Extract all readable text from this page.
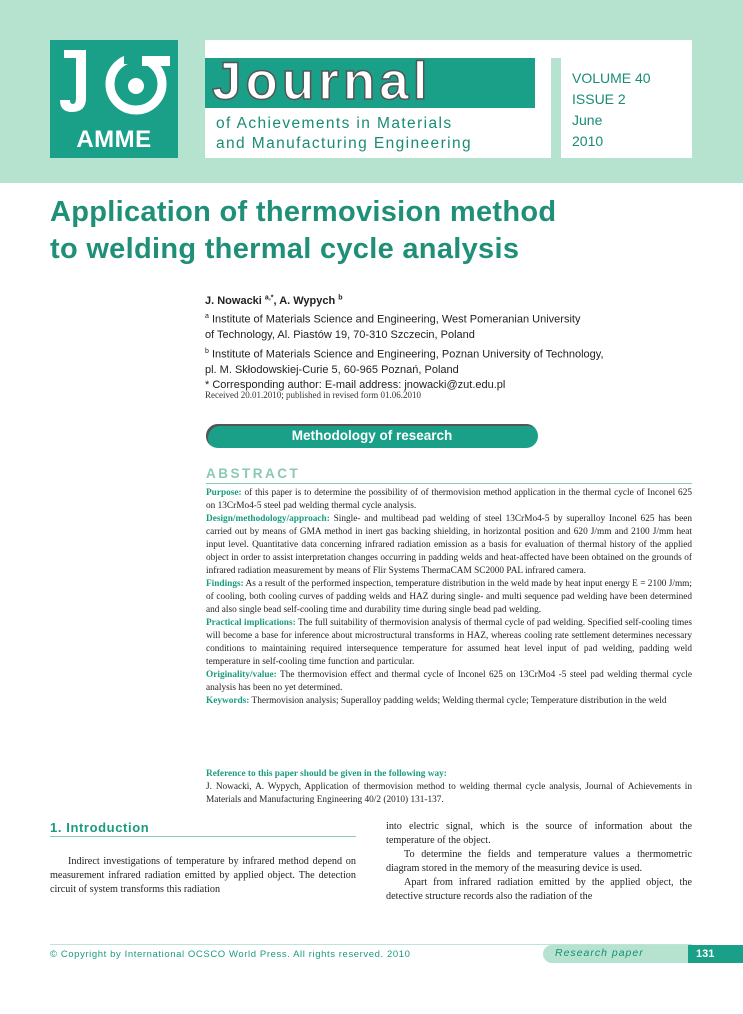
AMME
Journal
of Achievements in Materials
and Manufacturing Engineering
VOLUME 40
ISSUE 2
June
2010
Application of thermovision method
to welding thermal cycle analysis
J. Nowacki $^{a,*}$, A. Wypych $^b$
$^a$ Institute of Materials Science and Engineering, West Pomeranian University
of Technology, Al. Piastów 19, 70-310 Szczecin, Poland
$^b$ Institute of Materials Science and Engineering, Poznan University of Technology,
pl. M. Skłodowskiej-Curie 5, 60-965 Poznań, Poland
* Corresponding author: E-mail address: jnowacki@zut.edu.pl
Received 20.01.2010; published in revised form 01.06.2010
Methodology of research
ABSTRACT
Purpose: of this paper is to determine the possibility of of thermovision method application in the thermal cycle of Inconel 625 on 13CrMo4-5 steel pad welding thermal cycle analysis.
Design/methodology/approach: Single- and multibead pad welding of steel 13CrMo4-5 by superalloy Inconel 625 has been carried out by means of GMA method in inert gas backing shielding, in horizontal position and 620 J/mm and 2100 J/mm heat input level. Quantitative data concerning infrared radiation emission as a basis for evaluation of thermal history of the applied object in order to assist interpretation changes occurring in padding welds and heat-affected have been obtained on the grounds of infrared radiation measurement by means of Flir Systems ThermaCAM SC2000 PAL infrared camera.
Findings: As a result of the performed inspection, temperature distribution in the weld made by heat input energy E = 2100 J/mm; of cooling, both cooling curves of padding welds and HAZ during single- and multi sequence pad welding have been determined and also single bead self-cooling time and durability time during single bead pad welding.
Practical implications: The full suitability of thermovision analysis of thermal cycle of pad welding. Specified self-cooling times will become a base for inference about microstructural transforms in HAZ, whereas cooling rate settlement determines necessary conditions to maintaining required intersequence temperature for assumed heat level input of pad welding, padding weld temperature in self-cooling time function and particular.
Originality/value: The thermovision effect and thermal cycle of Inconel 625 on 13CrMo4 -5 steel pad welding thermal cycle analysis has been no yet determined.
Keywords: Thermovision analysis; Superalloy padding welds; Welding thermal cycle; Temperature distribution in the weld
Reference to this paper should be given in the following way:
J. Nowacki, A. Wypych, Application of thermovision method to welding thermal cycle analysis, Journal of Achievements in Materials and Manufacturing Engineering 40/2 (2010) 131-137.
1. Introduction

Indirect investigations of temperature by infrared method depend on measurement infrared radiation emitted by applied object. The detection circuit of system transforms this radiation

into electric signal, which is the source of information about the temperature of the object.

To determine the fields and temperature values a thermometric diagram stored in the memory of the measuring device is used.

Apart from infrared radiation emitted by the applied object, the detective structure records also the radiation of the

© Copyright by International OCSCO World Press. All rights reserved. 2010	Research paper	131
